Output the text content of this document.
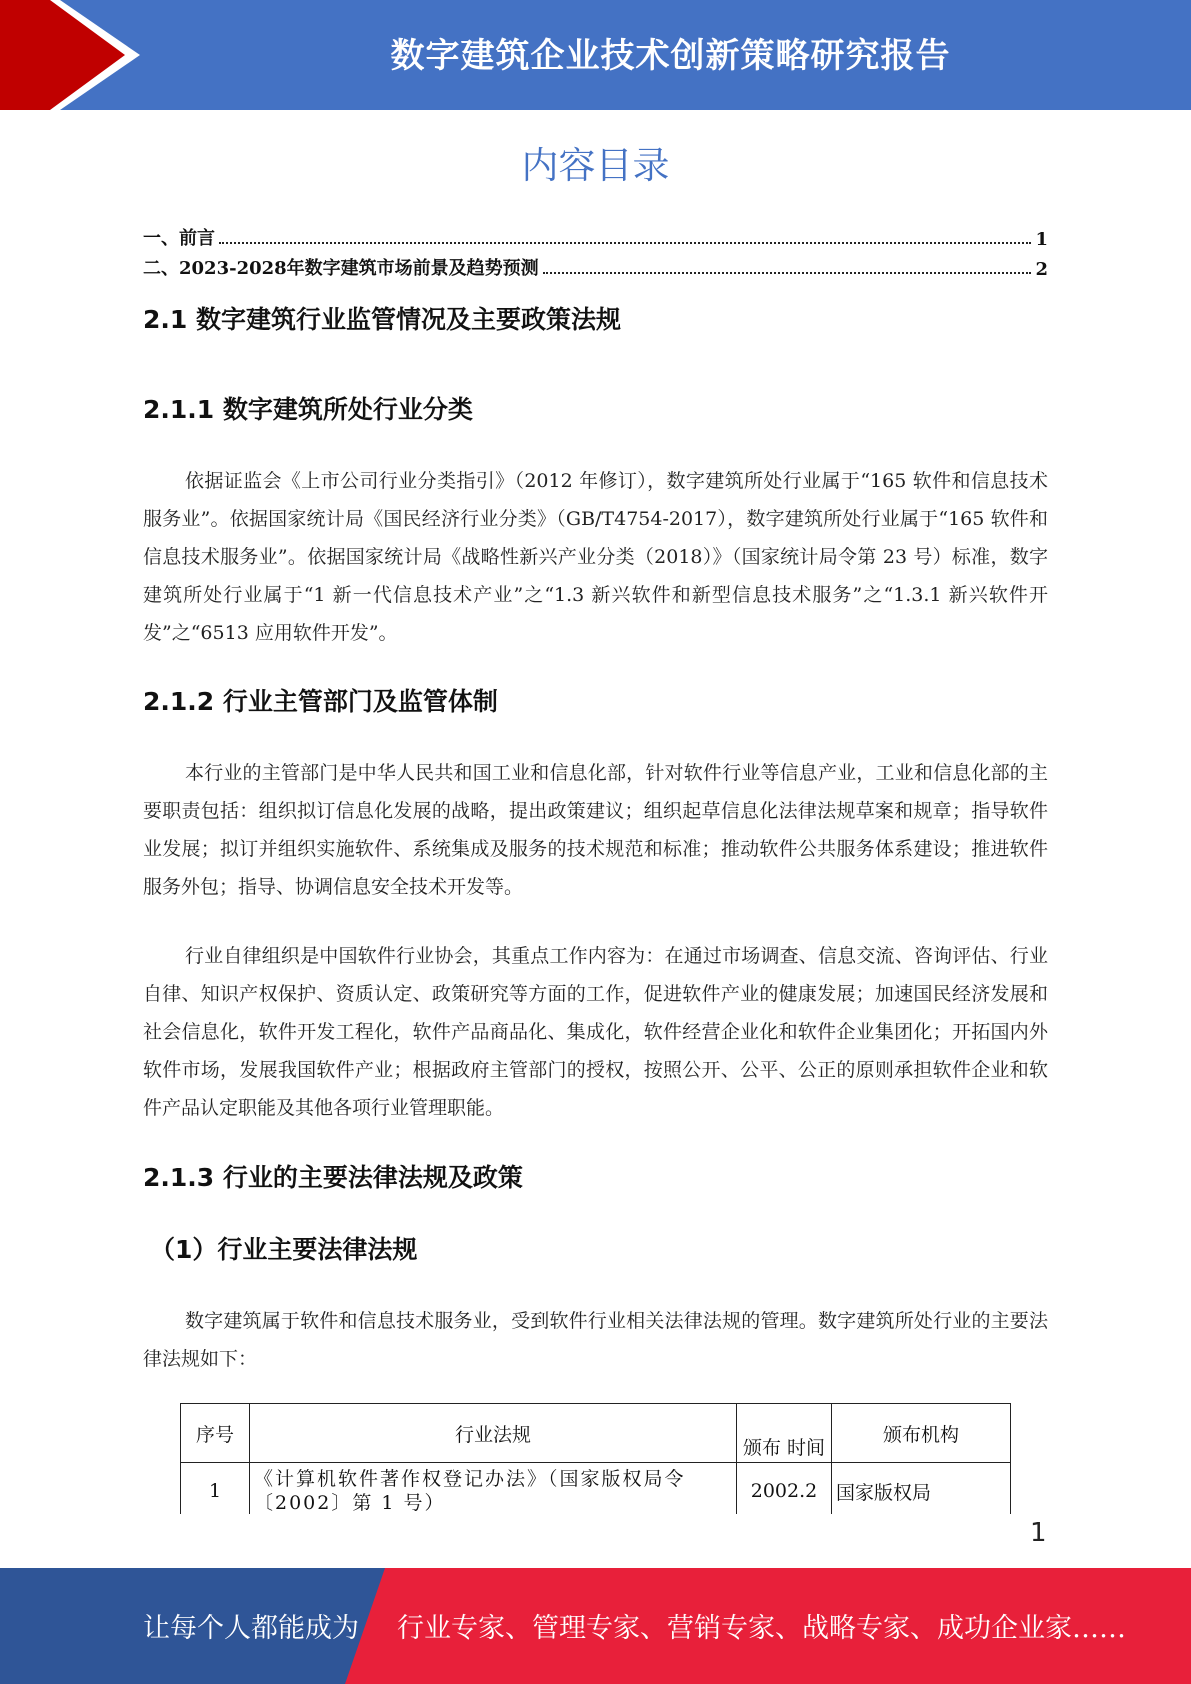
数字建筑企业技术创新策略研究报告
内容目录
一、前言	1
二、2023-2028年数字建筑市场前景及趋势预测	2
2.1 数字建筑行业监管情况及主要政策法规
2.1.1 数字建筑所处行业分类
依据证监会《上市公司行业分类指引》（2012 年修订），数字建筑所处行业属于“165 软件和信息技术服务业”。依据国家统计局《国民经济行业分类》（GB/T4754-2017），数字建筑所处行业属于“165 软件和信息技术服务业”。依据国家统计局《战略性新兴产业分类（2018）》（国家统计局令第 23 号）标准，数字建筑所处行业属于“1 新一代信息技术产业”之“1.3 新兴软件和新型信息技术服务”之“1.3.1 新兴软件开发”之“6513 应用软件开发”。
2.1.2 行业主管部门及监管体制
本行业的主管部门是中华人民共和国工业和信息化部，针对软件行业等信息产业，工业和信息化部的主要职责包括：组织拟订信息化发展的战略，提出政策建议；组织起草信息化法律法规草案和规章；指导软件业发展；拟订并组织实施软件、系统集成及服务的技术规范和标准；推动软件公共服务体系建设；推进软件服务外包；指导、协调信息安全技术开发等。
行业自律组织是中国软件行业协会，其重点工作内容为：在通过市场调查、信息交流、咨询评估、行业自律、知识产权保护、资质认定、政策研究等方面的工作，促进软件产业的健康发展；加速国民经济发展和社会信息化，软件开发工程化，软件产品商品化、集成化，软件经营企业化和软件企业集团化；开拓国内外软件市场，发展我国软件产业；根据政府主管部门的授权，按照公开、公平、公正的原则承担软件企业和软件产品认定职能及其他各项行业管理职能。
2.1.3 行业的主要法律法规及政策
（1）行业主要法律法规
数字建筑属于软件和信息技术服务业，受到软件行业相关法律法规的管理。数字建筑所处行业的主要法律法规如下：
序号	行业法规	颁布 时间	颁布机构
1	《计算机软件著作权登记办法》（国家版权局令〔2002〕第 1 号）	2002.2	国家版权局
1
让每个人都能成为 行业专家、管理专家、营销专家、战略专家、成功企业家……
